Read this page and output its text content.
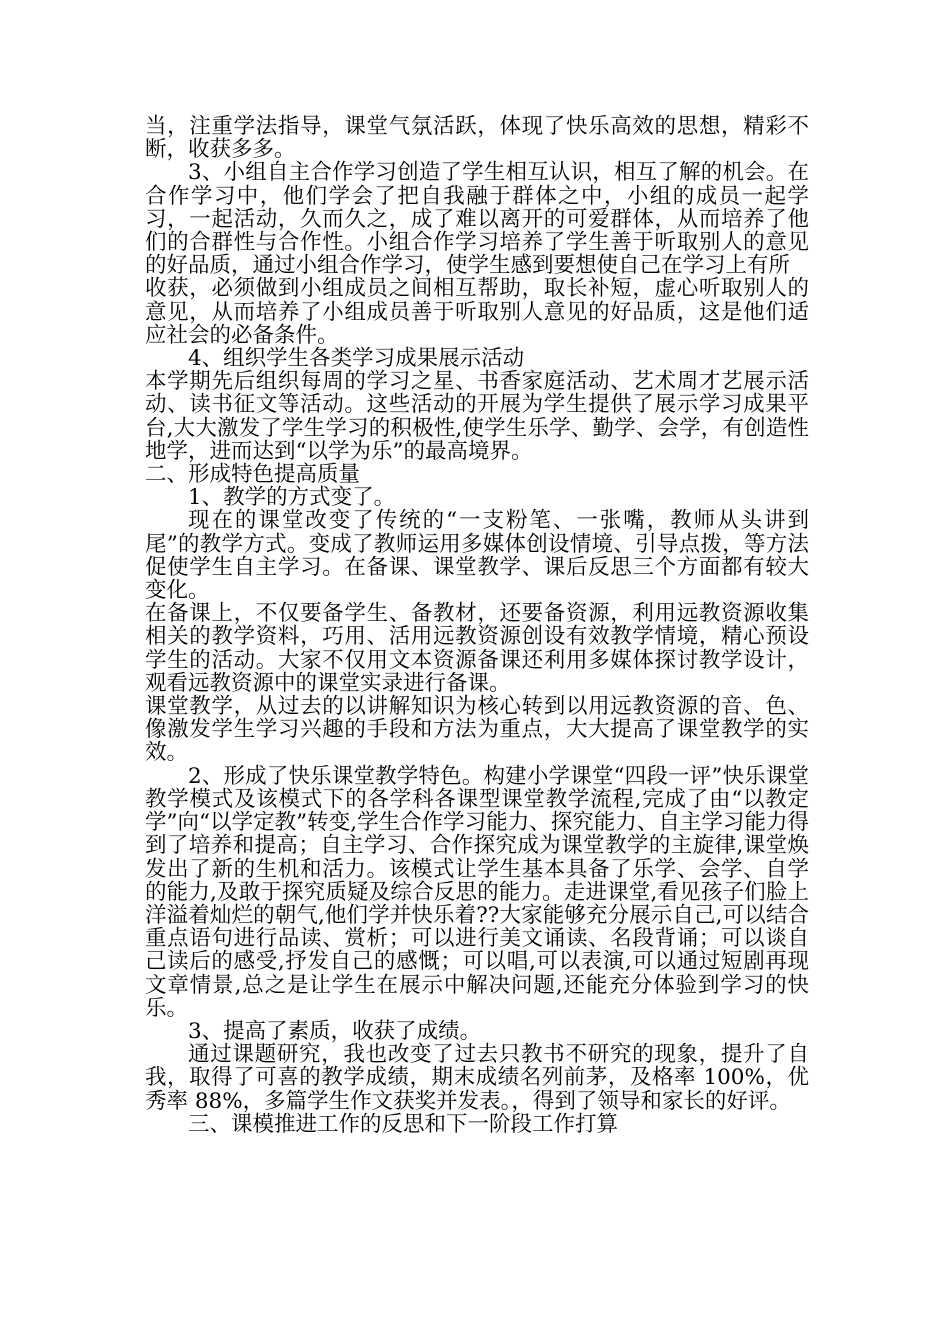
当，注重学法指导，课堂气氛活跃，体现了快乐高效的思想，精彩不断，收获多多。

3、小组自主合作学习创造了学生相互认识，相互了解的机会。在合作学习中，他们学会了把自我融于群体之中，小组的成员一起学习，一起活动，久而久之，成了难以离开的可爱群体，从而培养了他们的合群性与合作性。小组合作学习培养了学生善于听取别人的意见的好品质，通过小组合作学习，使学生感到要想使自己在学习上有所

收获，必须做到小组成员之间相互帮助，取长补短，虚心听取别人的意见，从而培养了小组成员善于听取别人意见的好品质，这是他们适应社会的必备条件。

4、组织学生各类学习成果展示活动

本学期先后组织每周的学习之星、书香家庭活动、艺术周才艺展示活动、读书征文等活动。这些活动的开展为学生提供了展示学习成果平台,大大激发了学生学习的积极性,使学生乐学、勤学、会学，有创造性地学，进而达到“以学为乐”的最高境界。

二、形成特色提高质量

1、教学的方式变了。

现在的课堂改变了传统的“一支粉笔、一张嘴，教师从头讲到尾”的教学方式。变成了教师运用多媒体创设情境、引导点拨，等方法促使学生自主学习。在备课、课堂教学、课后反思三个方面都有较大变化。

在备课上，不仅要备学生、备教材，还要备资源，利用远教资源收集相关的教学资料，巧用、活用远教资源创设有效教学情境，精心预设学生的活动。大家不仅用文本资源备课还利用多媒体探讨教学设计，观看远教资源中的课堂实录进行备课。

课堂教学，从过去的以讲解知识为核心转到以用远教资源的音、色、像激发学生学习兴趣的手段和方法为重点，大大提高了课堂教学的实效。

2、形成了快乐课堂教学特色。构建小学课堂“四段一评”快乐课堂教学模式及该模式下的各学科各课型课堂教学流程,完成了由“以教定学”向“以学定教”转变,学生合作学习能力、探究能力、自主学习能力得到了培养和提高；自主学习、合作探究成为课堂教学的主旋律,课堂焕发出了新的生机和活力。该模式让学生基本具备了乐学、会学、自学的能力,及敢于探究质疑及综合反思的能力。走进课堂,看见孩子们脸上洋溢着灿烂的朝气,他们学并快乐着??大家能够充分展示自己,可以结合重点语句进行品读、赏析；可以进行美文诵读、名段背诵；可以谈自己读后的感受,抒发自己的感慨；可以唱,可以表演,可以通过短剧再现文章情景,总之是让学生在展示中解决问题,还能充分体验到学习的快乐。

3、提高了素质，收获了成绩。

通过课题研究，我也改变了过去只教书不研究的现象，提升了自我，取得了可喜的教学成绩，期末成绩名列前茅，及格率 100%，优秀率 88%，多篇学生作文获奖并发表。，得到了领导和家长的好评。

三、课模推进工作的反思和下一阶段工作打算
